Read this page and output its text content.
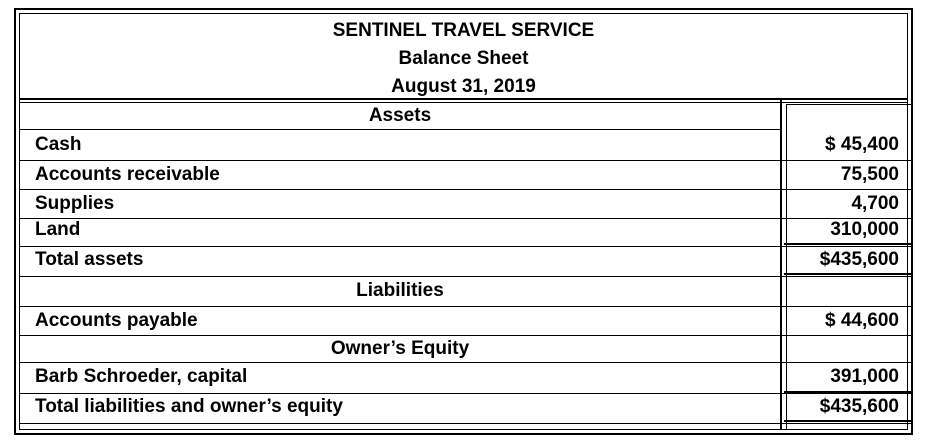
SENTINEL TRAVEL SERVICE
Balance Sheet
August 31, 2019
Assets
Cash	$ 45,400
Accounts receivable	75,500
Supplies	4,700
Land	310,000
Total assets	$435,600
Liabilities
Accounts payable	$ 44,600
Owner’s Equity
Barb Schroeder, capital	391,000
Total liabilities and owner’s equity	$435,600
